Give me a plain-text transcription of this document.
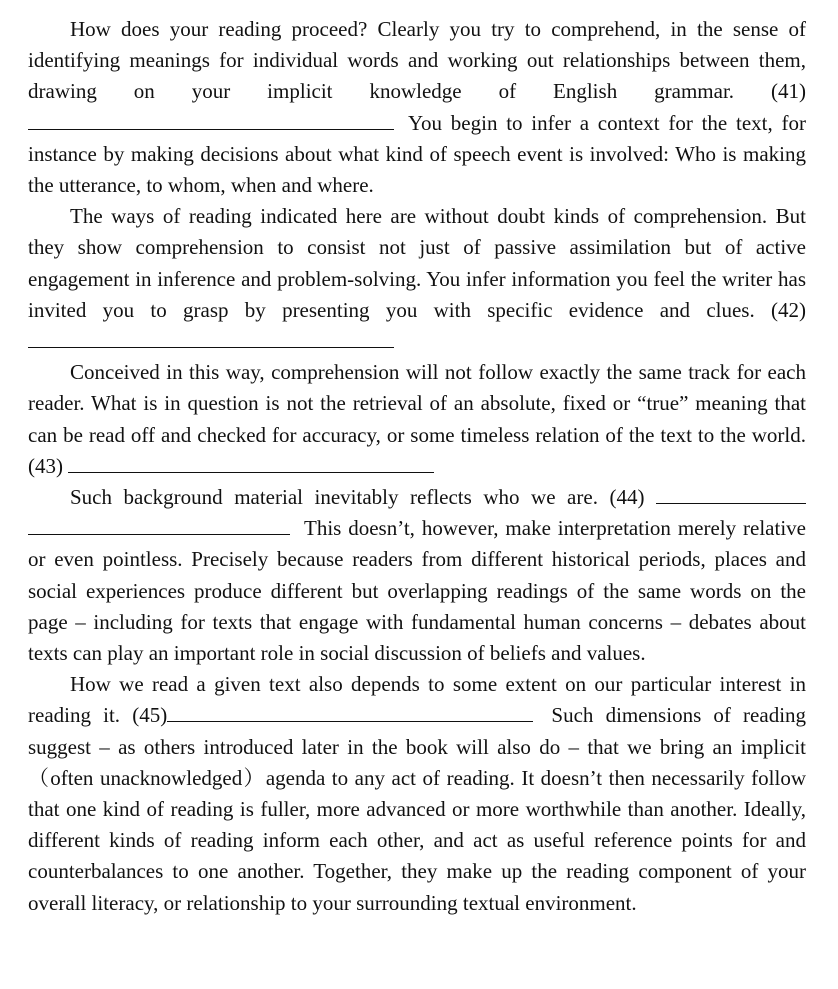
How does your reading proceed? Clearly you try to comprehend, in the sense of identifying meanings for individual words and working out relationships between them, drawing on your implicit knowledge of English grammar. (41) You begin to infer a context for the text, for instance by making decisions about what kind of speech event is involved: Who is making the utterance, to whom, when and where.

The ways of reading indicated here are without doubt kinds of comprehension. But they show comprehension to consist not just of passive assimilation but of active engagement in inference and problem-solving. You infer information you feel the writer has invited you to grasp by presenting you with specific evidence and clues. (42)

Conceived in this way, comprehension will not follow exactly the same track for each reader. What is in question is not the retrieval of an absolute, fixed or “true” meaning that can be read off and checked for accuracy, or some timeless relation of the text to the world. (43)

Such background material inevitably reflects who we are. (44)  This doesn’t, however, make interpretation merely relative or even pointless. Precisely because readers from different historical periods, places and social experiences produce different but overlapping readings of the same words on the page – including for texts that engage with fundamental human concerns – debates about texts can play an important role in social discussion of beliefs and values.

How we read a given text also depends to some extent on our particular interest in reading it. (45)	Such dimensions of reading suggest – as others introduced later in the book will also do – that we bring an implicit（often unacknowledged）agenda to any act of reading. It doesn’t then necessarily follow that one kind of reading is fuller, more advanced or more worthwhile than another. Ideally, different kinds of reading inform each other, and act as useful reference points for and counterbalances to one another. Together, they make up the reading component of your overall literacy, or relationship to your surrounding textual environment.
